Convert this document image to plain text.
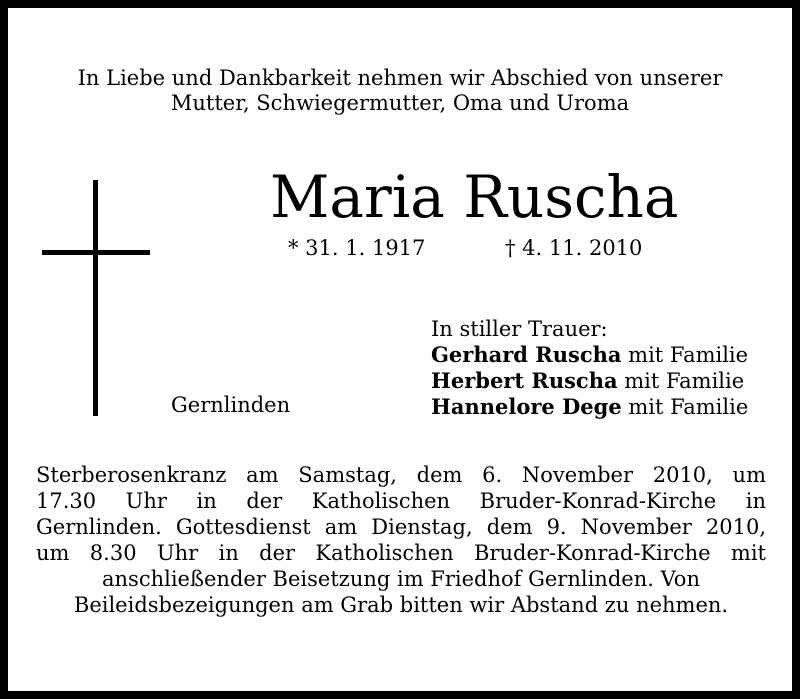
In Liebe und Dankbarkeit nehmen wir Abschied von unserer
Mutter, Schwiegermutter, Oma und Uroma
Maria Ruscha
* 31. 1. 1917	† 4. 11. 2010
In stiller Trauer:
Gerhard Ruscha mit Familie
Herbert Ruscha mit Familie
Hannelore Dege mit Familie
Gernlinden
Sterberosenkranz am Samstag, dem 6. November 2010, um
17.30 Uhr in der Katholischen Bruder-Konrad-Kirche in
Gernlinden. Gottesdienst am Dienstag, dem 9. November 2010,
um 8.30 Uhr in der Katholischen Bruder-Konrad-Kirche mit
anschließender Beisetzung im Friedhof Gernlinden. Von
Beileidsbezeigungen am Grab bitten wir Abstand zu nehmen.
